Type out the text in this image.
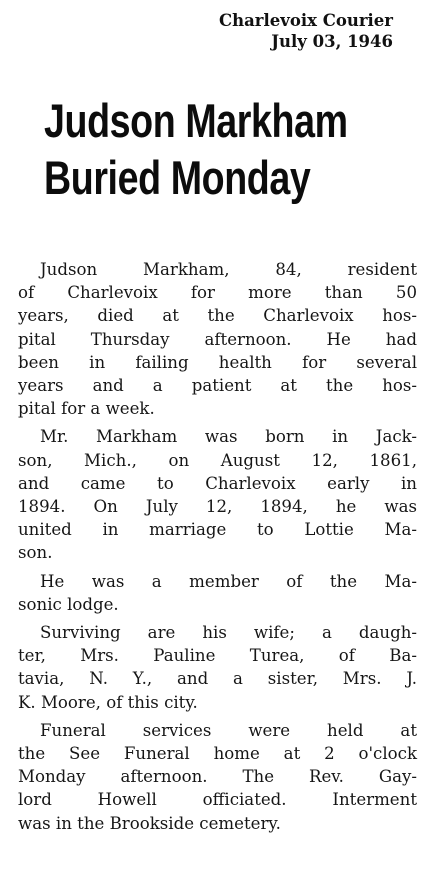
Charlevoix Courier
July 03, 1946
Judson Markham
Buried Monday

Judson Markham, 84, resident
of Charlevoix for more than 50
years, died at the Charlevoix hos-
pital Thursday afternoon. He had
been in failing health for several
years and a patient at the hos-
pital for a week.

Mr. Markham was born in Jack-
son, Mich., on August 12, 1861,
and came to Charlevoix early in
1894. On July 12, 1894, he was
united in marriage to Lottie Ma-
son.

He was a member of the Ma-
sonic lodge.

Surviving are his wife; a daugh-
ter, Mrs. Pauline Turea, of Ba-
tavia, N. Y., and a sister, Mrs. J.
K. Moore, of this city.

Funeral services were held at
the See Funeral home at 2 o'clock
Monday afternoon. The Rev. Gay-
lord Howell officiated. Interment
was in the Brookside cemetery.
